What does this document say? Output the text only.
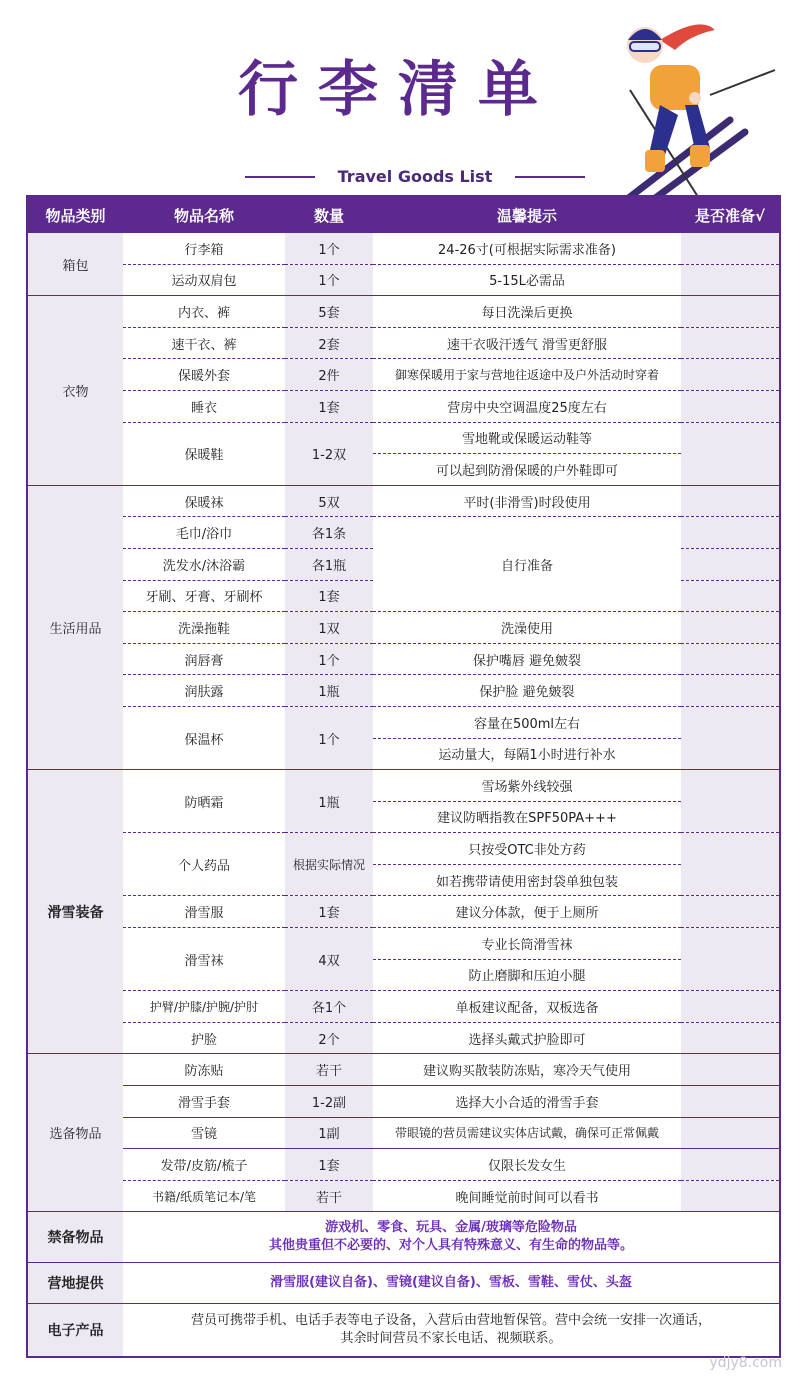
行李清单
Travel Goods List
物品类别	物品名称	数量	温馨提示	是否准备√
箱包	行李箱	1个	24-26寸(可根据实际需求准备)	
	运动双肩包	1个	5-15L必需品	
衣物	内衣、裤	5套	每日洗澡后更换	
	速干衣、裤	2套	速干衣吸汗透气 滑雪更舒服	
	保暖外套	2件	御寒保暖用于家与营地往返途中及户外活动时穿着	
	睡衣	1套	营房中央空调温度25度左右	
	保暖鞋	1-2双	雪地靴或保暖运动鞋等	
			可以起到防滑保暖的户外鞋即可	
生活用品	保暖袜	5双	平时(非滑雪)时段使用	
	毛巾/浴巾	各1条	自行准备	
	洗发水/沐浴霸	各1瓶		
	牙刷、牙膏、牙刷杯	1套		
	洗澡拖鞋	1双	洗澡使用	
	润唇膏	1个	保护嘴唇 避免皴裂	
	润肤露	1瓶	保护脸 避免皴裂	
	保温杯	1个	容量在500ml左右	
			运动量大，每隔1小时进行补水	
滑雪装备	防晒霜	1瓶	雪场紫外线较强	
			建议防晒指教在SPF50PA+++	
	个人药品	根据实际情况	只按受OTC非处方药	
			如若携带请使用密封袋单独包装	
	滑雪服	1套	建议分体款，便于上厕所	
	滑雪袜	4双	专业长筒滑雪袜	
			防止磨脚和压迫小腿	
	护臂/护膝/护腕/护肘	各1个	单板建议配备，双板选备	
	护脸	2个	选择头戴式护脸即可	
选备物品	防冻贴	若干	建议购买散装防冻贴，寒冷天气使用	
	滑雪手套	1-2副	选择大小合适的滑雪手套	
	雪镜	1副	带眼镜的营员需建议实体店试戴，确保可正常佩戴	
	发带/皮筋/梳子	1套	仅限长发女生	
	书籍/纸质笔记本/笔	若干	晚间睡觉前时间可以看书	
禁备物品	游戏机、零食、玩具、金属/玻璃等危险物品
其他贵重但不必要的、对个人具有特殊意义、有生命的物品等。			

营地提供	滑雪服(建议自备)、雪镜(建议自备)、雪板、雪鞋、雪仗、头盔			
电子产品	营员可携带手机、电话手表等电子设备，入营后由营地暂保管。营中会统一安排一次通话，
其余时间营员不家长电话、视频联系。			
ydjy8.com
